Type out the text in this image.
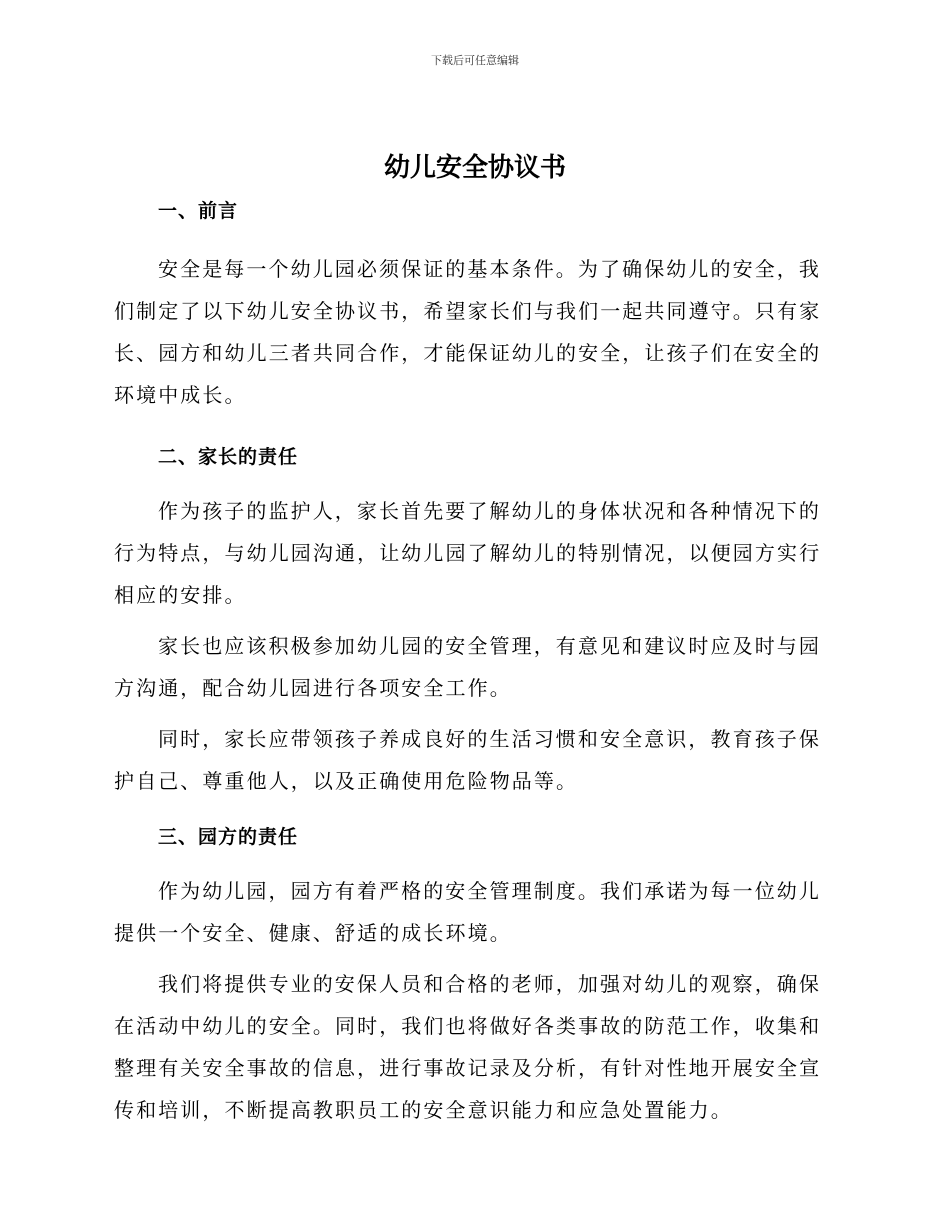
下载后可任意编辑
幼儿安全协议书
一、前言

安全是每一个幼儿园必须保证的基本条件。为了确保幼儿的安全，我们制定了以下幼儿安全协议书，希望家长们与我们一起共同遵守。只有家长、园方和幼儿三者共同合作，才能保证幼儿的安全，让孩子们在安全的环境中成长。

二、家长的责任

作为孩子的监护人，家长首先要了解幼儿的身体状况和各种情况下的行为特点，与幼儿园沟通，让幼儿园了解幼儿的特别情况，以便园方实行相应的安排。

家长也应该积极参加幼儿园的安全管理，有意见和建议时应及时与园方沟通，配合幼儿园进行各项安全工作。

同时，家长应带领孩子养成良好的生活习惯和安全意识，教育孩子保护自己、尊重他人，以及正确使用危险物品等。

三、园方的责任

作为幼儿园，园方有着严格的安全管理制度。我们承诺为每一位幼儿提供一个安全、健康、舒适的成长环境。

我们将提供专业的安保人员和合格的老师，加强对幼儿的观察，确保在活动中幼儿的安全。同时，我们也将做好各类事故的防范工作，收集和整理有关安全事故的信息，进行事故记录及分析，有针对性地开展安全宣传和培训，不断提高教职员工的安全意识能力和应急处置能力。
